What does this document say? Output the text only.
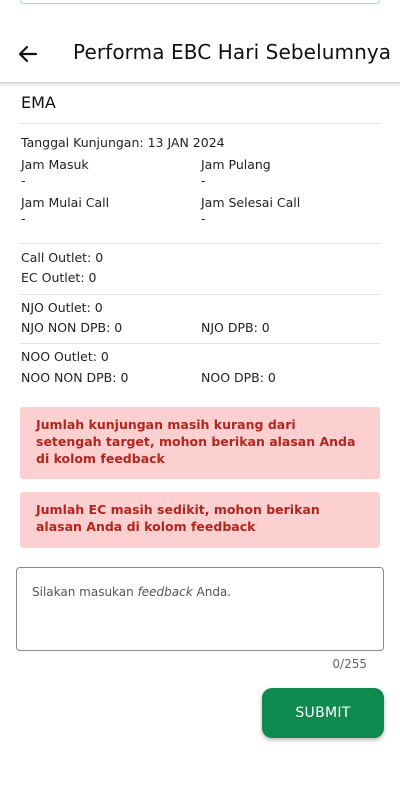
Performa EBC Hari Sebelumnya
EMA
Tanggal Kunjungan: 13 JAN 2024
Jam Masuk
-
Jam Pulang
-
Jam Mulai Call
-
Jam Selesai Call
-
Call Outlet: 0
EC Outlet: 0
NJO Outlet: 0
NJO NON DPB: 0	NJO DPB: 0
NOO Outlet: 0
NOO NON DPB: 0	NOO DPB: 0
Jumlah kunjungan masih kurang dari setengah target, mohon berikan alasan Anda di kolom feedback
Jumlah EC masih sedikit, mohon berikan alasan Anda di kolom feedback
Silakan masukan feedback Anda.
0/255
SUBMIT
